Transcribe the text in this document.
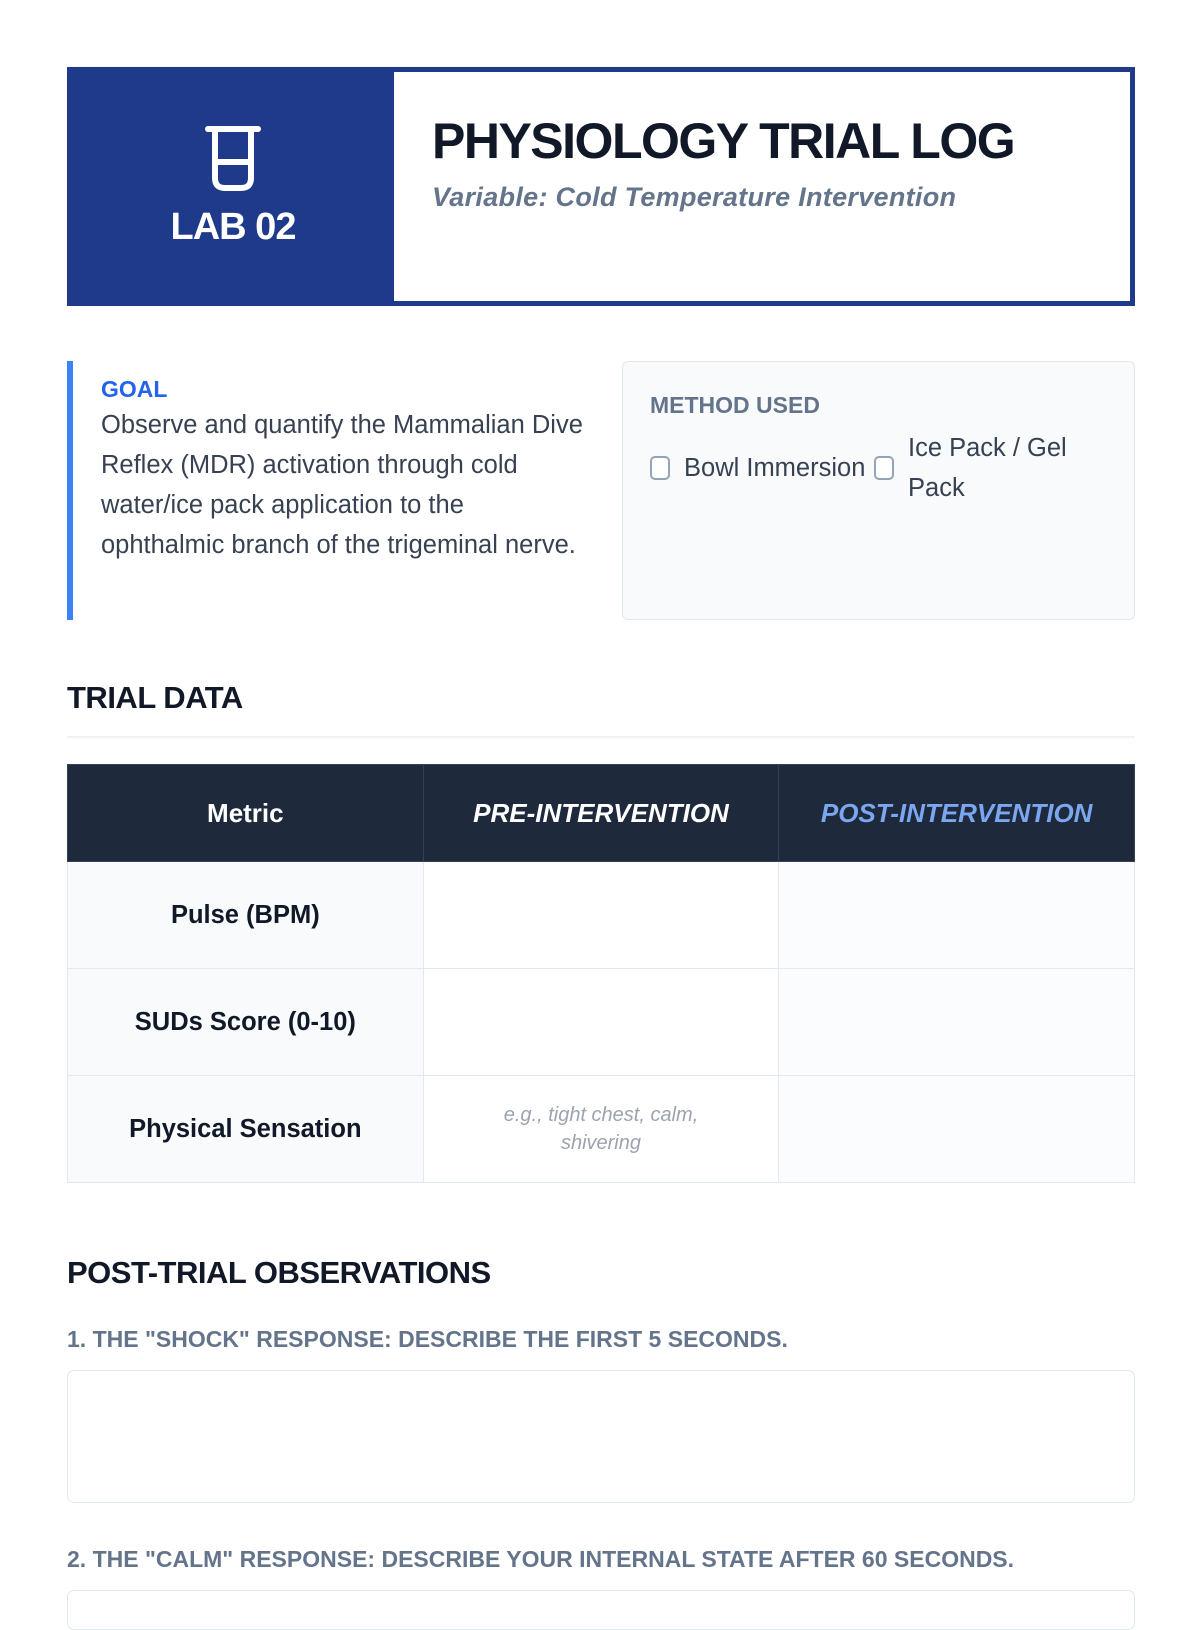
LAB 02
PHYSIOLOGY TRIAL LOG
Variable: Cold Temperature Intervention
GOAL
Observe and quantify the Mammalian Dive Reflex (MDR) activation through cold water/ice pack application to the ophthalmic branch of the trigeminal nerve.
METHOD USED
Bowl Immersion
Ice Pack / Gel Pack
TRIAL DATA
Metric	PRE-INTERVENTION	POST-INTERVENTION
Pulse (BPM)		
SUDs Score (0-10)		
Physical Sensation	e.g., tight chest, calm, shivering	

POST-TRIAL OBSERVATIONS
1. THE "SHOCK" RESPONSE: DESCRIBE THE FIRST 5 SECONDS.
2. THE "CALM" RESPONSE: DESCRIBE YOUR INTERNAL STATE AFTER 60 SECONDS.
